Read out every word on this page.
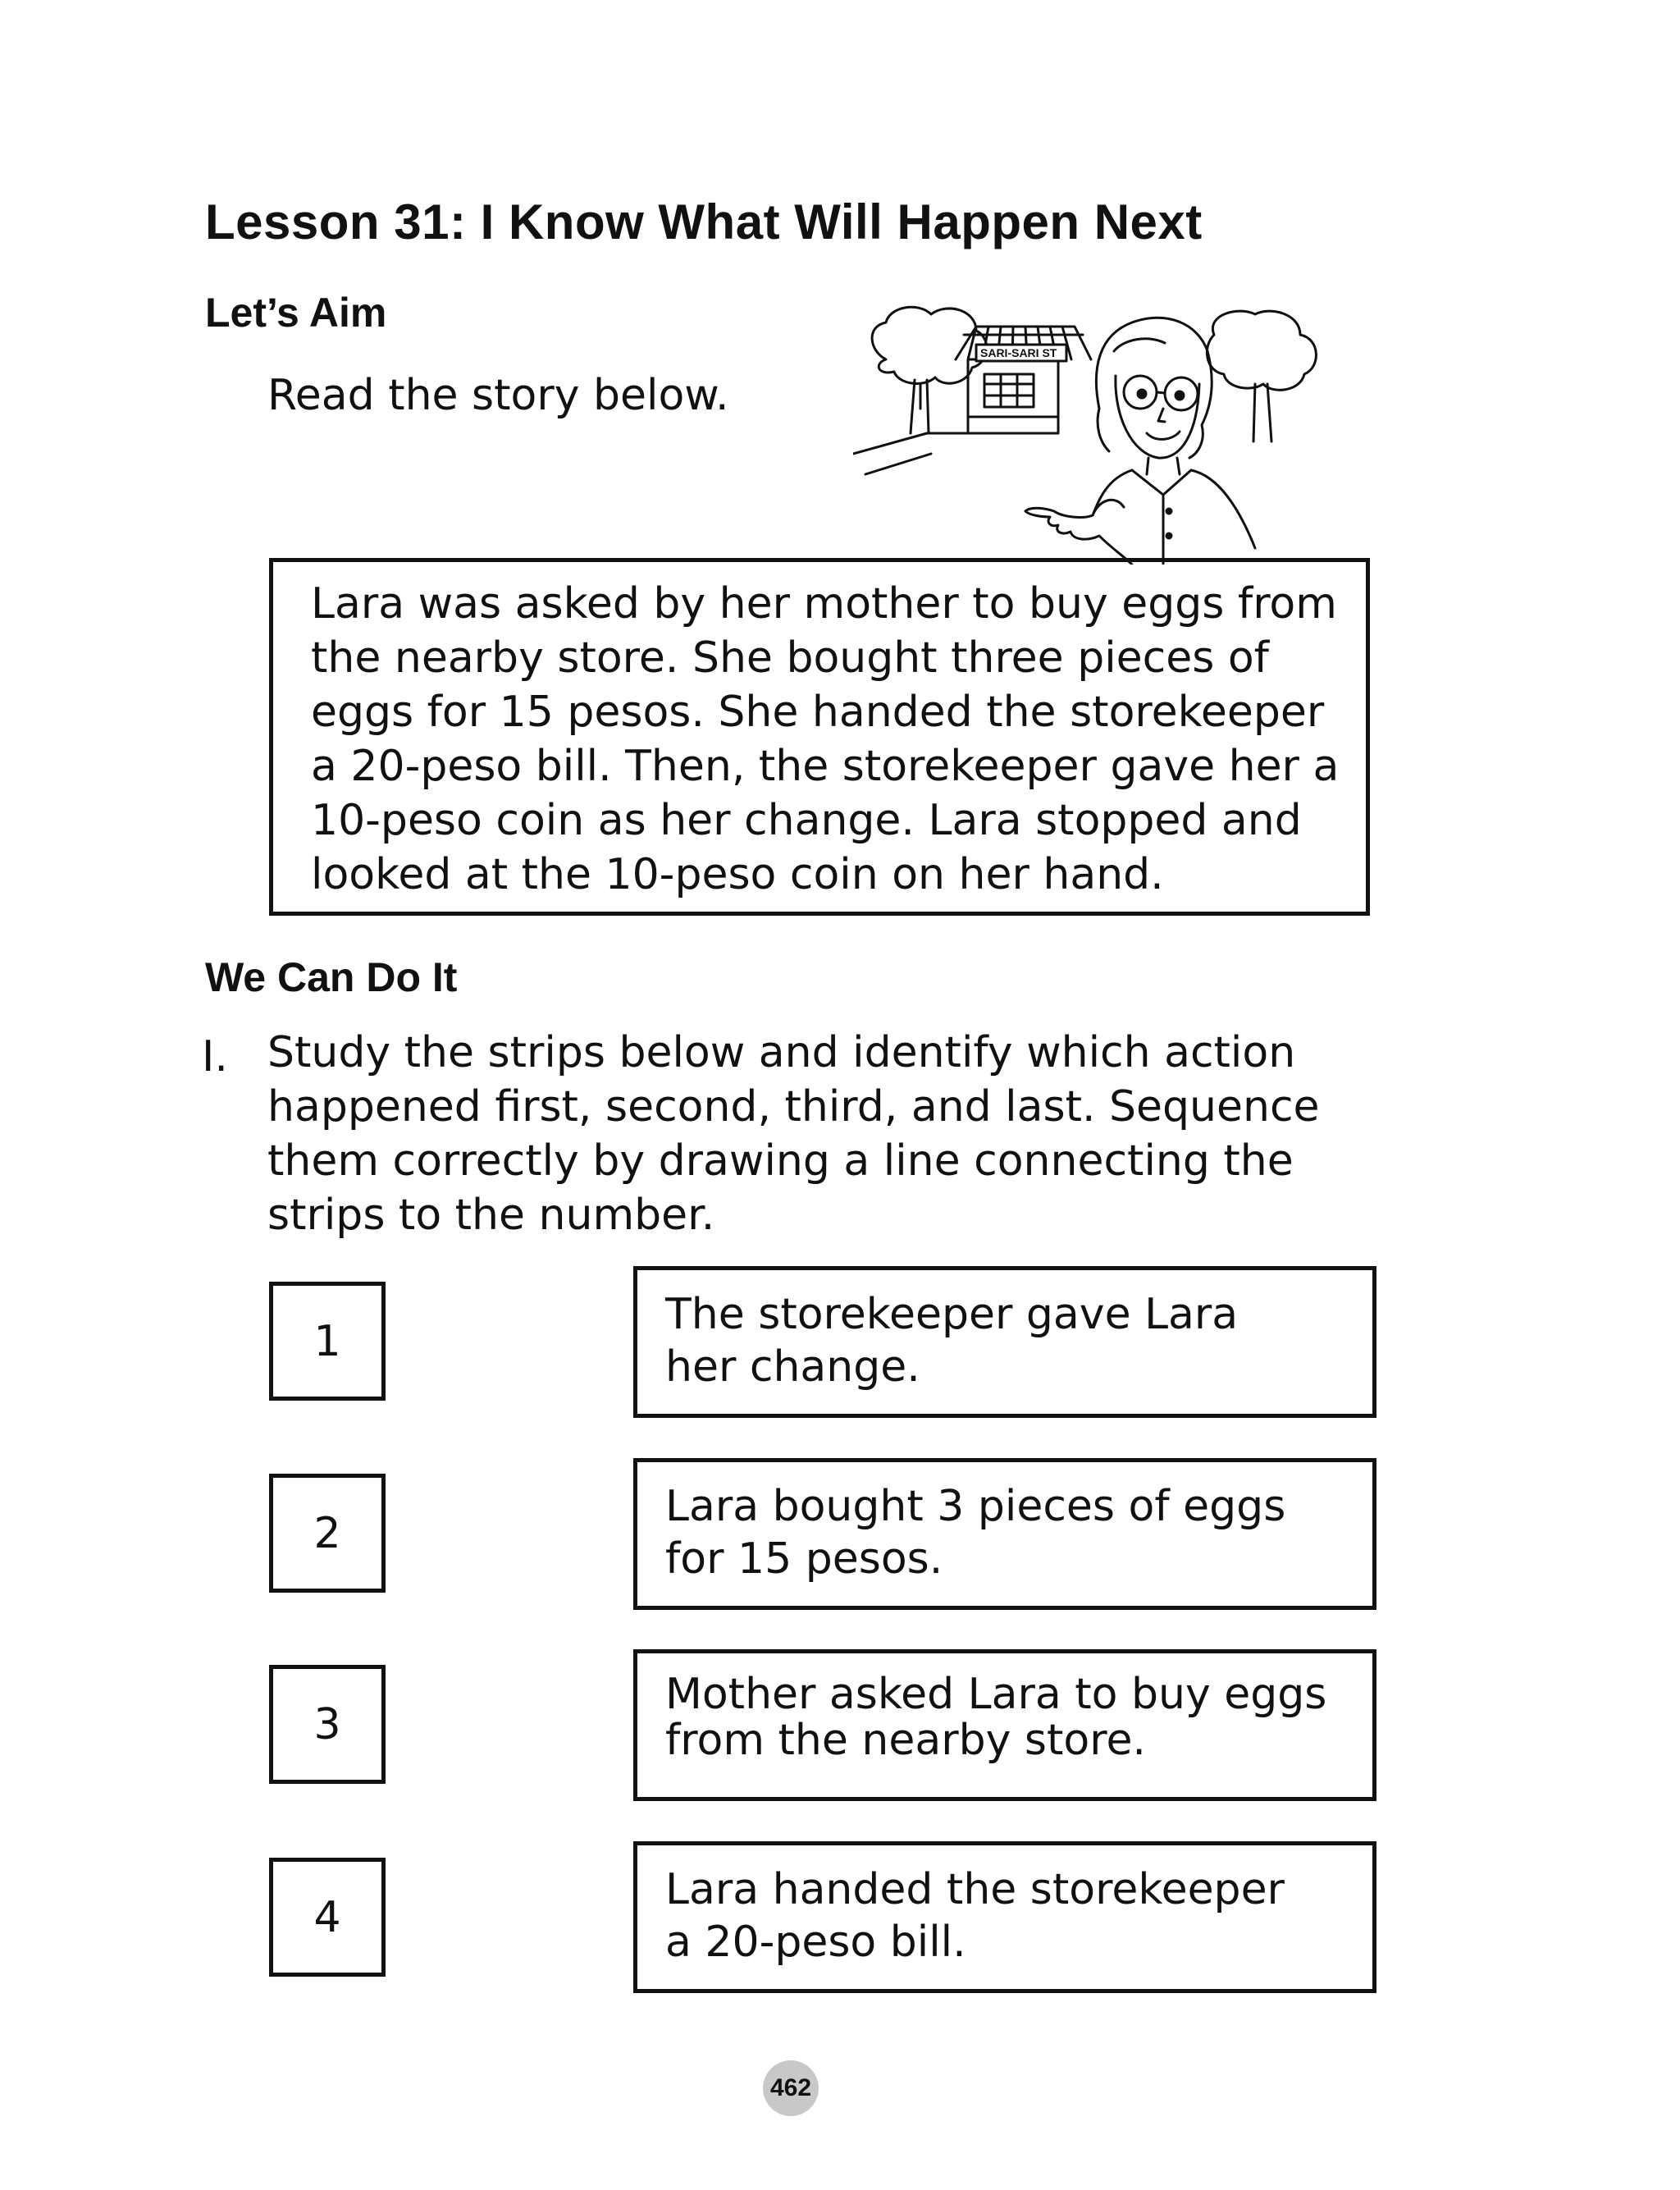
Lesson 31: I Know What Will Happen Next
Let’s Aim
Read the story below.
SARI-SARI ST
Lara was asked by her mother to buy eggs from
the nearby store. She bought three pieces of
eggs for 15 pesos. She handed the storekeeper
a 20-peso bill. Then, the storekeeper gave her a
10-peso coin as her change. Lara stopped and
looked at the 10-peso coin on her hand.
We Can Do It
I. Study the strips below and identify which action
happened first, second, third, and last. Sequence
them correctly by drawing a line connecting the
strips to the number.
1
2
3
4
The storekeeper gave Lara
her change.
Lara bought 3 pieces of eggs
for 15 pesos.
Mother asked Lara to buy eggs
from the nearby store.
Lara handed the storekeeper
a 20-peso bill.
462
